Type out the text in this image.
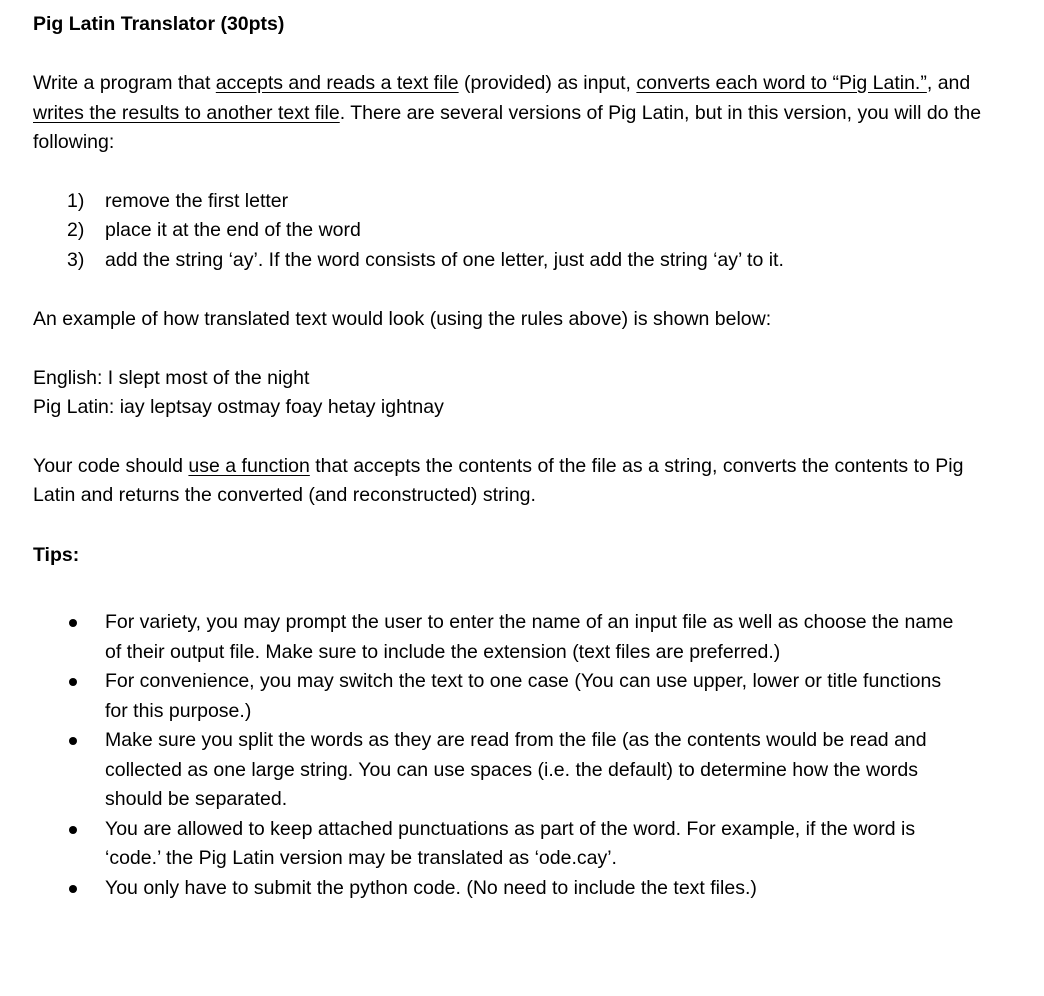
Pig Latin Translator (30pts)

Write a program that accepts and reads a text file (provided) as input, converts each word to “Pig Latin.”, and writes the results to another text file. There are several versions of Pig Latin, but in this version, you will do the following:

1) remove the first letter
2) place it at the end of the word
3) add the string ‘ay’. If the word consists of one letter, just add the string ‘ay’ to it.

An example of how translated text would look (using the rules above) is shown below:

English: I slept most of the night

Pig Latin: iay leptsay ostmay foay hetay ightnay

Your code should use a function that accepts the contents of the file as a string, converts the contents to Pig Latin and returns the converted (and reconstructed) string.

Tips:

For variety, you may prompt the user to enter the name of an input file as well as choose the name of their output file. Make sure to include the extension (text files are preferred.)
For convenience, you may switch the text to one case (You can use upper, lower or title functions for this purpose.)
Make sure you split the words as they are read from the file (as the contents would be read and collected as one large string. You can use spaces (i.e. the default) to determine how the words should be separated.
You are allowed to keep attached punctuations as part of the word. For example, if the word is ‘code.’ the Pig Latin version may be translated as ‘ode.cay’.
You only have to submit the python code. (No need to include the text files.)
